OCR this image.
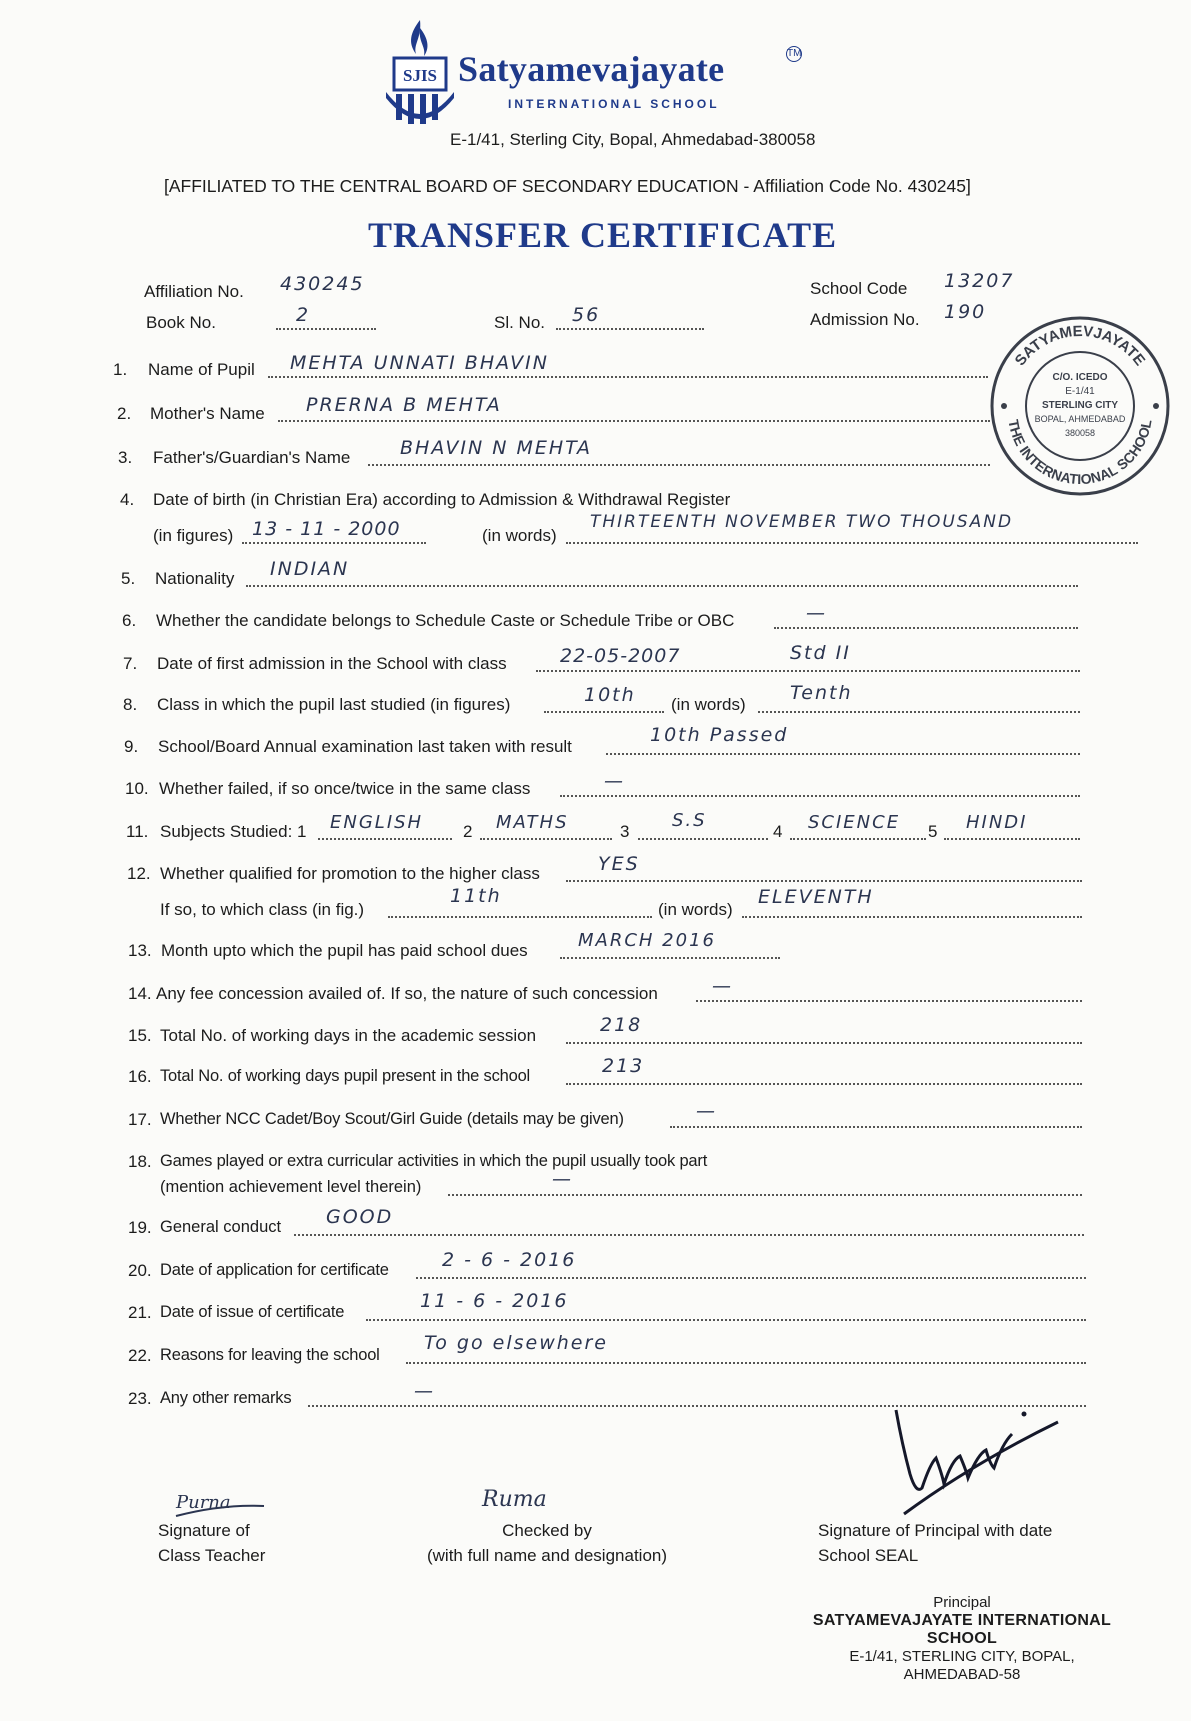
SJIS Satyamevajayate	TM
INTERNATIONAL SCHOOL
E-1/41, Sterling City, Bopal, Ahmedabad-380058
[AFFILIATED TO THE CENTRAL BOARD OF SECONDARY EDUCATION - Affiliation Code No. 430245]
TRANSFER CERTIFICATE
Affiliation No. 430245
Book No.	2	Sl. No. 56
School Code 13207
Admission No. 190
SATYAMEVJAYATE
THE INTERNATIONAL SCHOOL
C/O. ICEDO
E-1/41
STERLING CITY
BOPAL, AHMEDABAD
380058
1. Name of Pupil MEHTA UNNATI BHAVIN
2. Mother's Name PRERNA B MEHTA
3. Father's/Guardian's Name	BHAVIN N MEHTA
4. Date of birth (in Christian Era) according to Admission & Withdrawal Register
(in figures) 13 - 11 - 2000	(in words)
THIRTEENTH NOVEMBER TWO THOUSAND
5. Nationality INDIAN
6. Whether the candidate belongs to Schedule Caste or Schedule Tribe or OBC	—
7. Date of first admission in the School with class	22-05-2007	Std II
8. Class in which the pupil last studied (in figures)	10th (in words)
Tenth
9. School/Board Annual examination last taken with result
10th Passed
10. Whether failed, if so once/twice in the same class	—
11. Subjects Studied: 1 ENGLISH 2 MATHS	3
S.S
4 SCIENCE 5 HINDI
12. Whether qualified for promotion to the higher class	YES
If so, to which class (in fig.)
11th
(in words)
ELEVENTH
13. Month upto which the pupil has paid school dues	MARCH 2016
14. Any fee concession availed of. If so, the nature of such concession	—
15. Total No. of working days in the academic session	218
16. Total No. of working days pupil present in the school	213
17. Whether NCC Cadet/Boy Scout/Girl Guide (details may be given)	—
18. Games played or extra curricular activities in which the pupil usually took part
(mention achievement level therein)	—
19. General conduct GOOD
20. Date of application for certificate	2 - 6 - 2016
21. Date of issue of certificate	11 - 6 - 2016
22. Reasons for leaving the school
To go elsewhere
23. Any other remarks	—
Purna
Signature of
Class Teacher
Ruma
Checked by
(with full name and designation)
Signature of Principal with date
School SEAL
Principal
SATYAMEVAJAYATE INTERNATIONAL SCHOOL
E-1/41, STERLING CITY, BOPAL,
AHMEDABAD-58
